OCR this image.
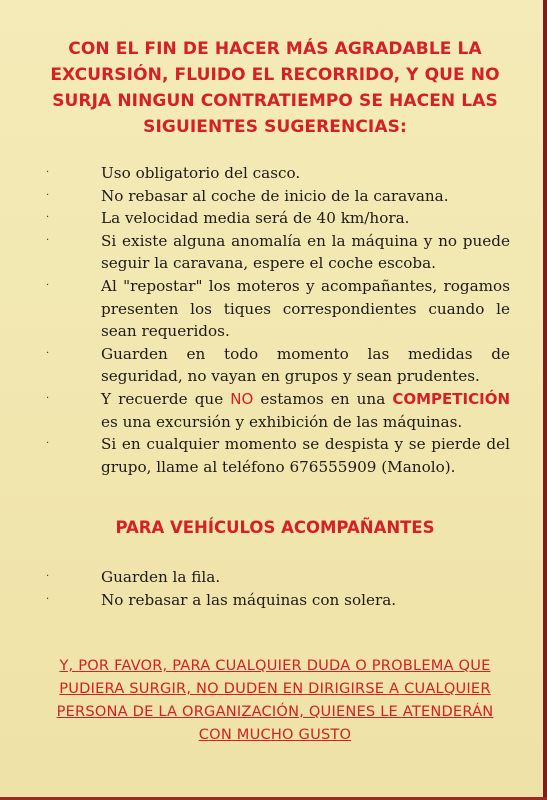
CON EL FIN DE HACER MÁS AGRADABLE LA EXCURSIÓN, FLUIDO EL RECORRIDO, Y QUE NO SURJA NINGUN CONTRATIEMPO SE HACEN LAS SIGUIENTES SUGERENCIAS:
·	Uso obligatorio del casco.
·	No rebasar al coche de inicio de la caravana.
·	La velocidad media será de 40 km/hora.
·	Si existe alguna anomalía en la máquina y no puede seguir la caravana, espere el coche escoba.
·	Al "repostar" los moteros y acompañantes, rogamos presenten los tiques correspondientes cuando le sean requeridos.
·	Guarden en todo momento las medidas de seguridad, no vayan en grupos y sean prudentes.
·	Y recuerde que NO estamos en una COMPETICIÓN es una excursión y exhibición de las máquinas.
·	Si en cualquier momento se despista y se pierde del grupo, llame al teléfono 676555909 (Manolo).
PARA VEHÍCULOS ACOMPAÑANTES
·	Guarden la fila.
·	No rebasar a las máquinas con solera.
Y, POR FAVOR, PARA CUALQUIER DUDA O PROBLEMA QUE PUDIERA SURGIR, NO DUDEN EN DIRIGIRSE A CUALQUIER PERSONA DE LA ORGANIZACIÓN, QUIENES LE ATENDERÁN CON MUCHO GUSTO
